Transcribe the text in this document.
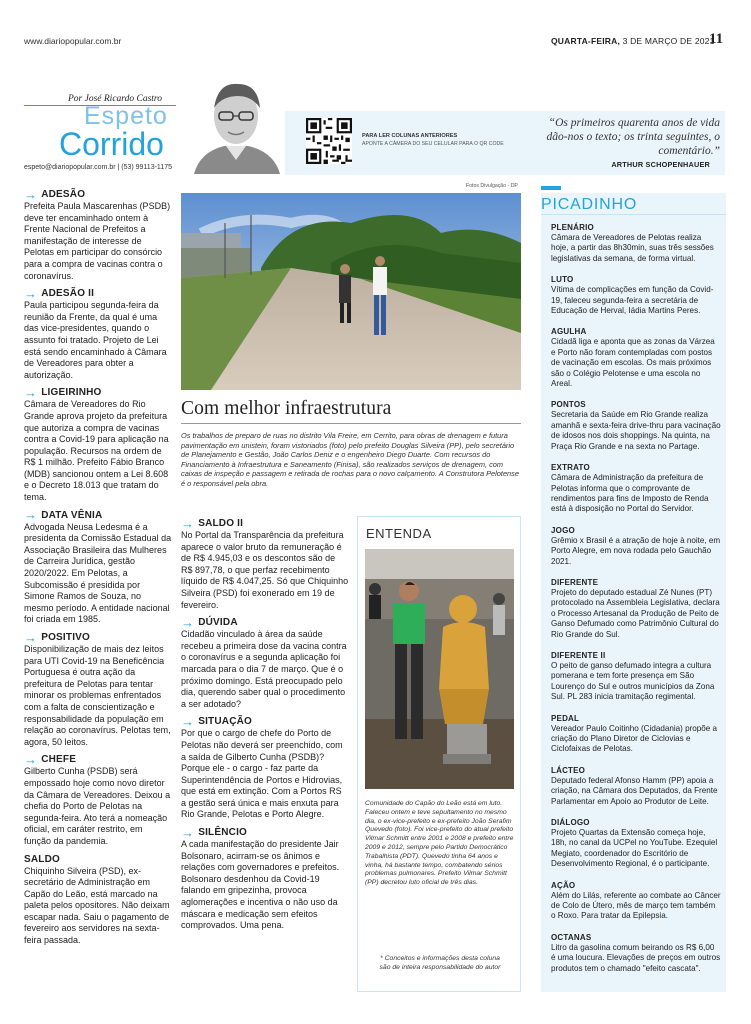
www.diariopopular.com.br	QUARTA-FEIRA, 3 DE MARÇO DE 2021
11
Por José Ricardo Castro
Espeto
Corrido
espeto@diariopopular.com.br | (53) 99113-1175
PARA LER COLUNAS ANTERIORES
APONTE A CÂMERA DO SEU CELULAR PARA O QR CODE
“Os primeiros quarenta anos de vida dão-nos o texto; os trinta seguintes, o comentário.”
ARTHUR SCHOPENHAUER
→ ADESÃO
Prefeita Paula Mascarenhas (PSDB) deve ter encaminhado ontem à Frente Nacional de Prefeitos a manifestação de interesse de Pelotas em participar do consórcio para a compra de vacinas contra o coronavírus.
→ ADESÃO II
Paula participou segunda-feira da reunião da Frente, da qual é uma das vice-presidentes, quando o assunto foi tratado. Projeto de Lei está sendo encaminhado à Câmara de Vereadores para obter a autorização.
→ LIGEIRINHO
Câmara de Vereadores do Rio Grande aprova projeto da prefeitura que autoriza a compra de vacinas contra a Covid-19 para aplicação na população. Recursos na ordem de R$ 1 milhão. Prefeito Fábio Branco (MDB) sancionou ontem a Lei 8.608 e o Decreto 18.013 que tratam do tema.
→ DATA VÊNIA
Advogada Neusa Ledesma é a presidenta da Comissão Estadual da Associação Brasileira das Mulheres de Carreira Jurídica, gestão 2020/2022. Em Pelotas, a Subcomissão é presidida por Simone Ramos de Souza, no mesmo período. A entidade nacional foi criada em 1985.
→ POSITIVO
Disponibilização de mais dez leitos para UTI Covid-19 na Beneficência Portuguesa é outra ação da prefeitura de Pelotas para tentar minorar os problemas enfrentados com a falta de conscientização e responsabilidade da população em relação ao coronavírus. Pelotas tem, agora, 50 leitos.
→ CHEFE
Gilberto Cunha (PSDB) será empossado hoje como novo diretor da Câmara de Vereadores. Deixou a chefia do Porto de Pelotas na segunda-feira. Ato terá a nomeação oficial, em caráter restrito, em função da pandemia.
SALDO
Chiquinho Silveira (PSD), ex-secretário de Administração em Capão do Leão, está marcado na paleta pelos opositores. Não deixam escapar nada. Saiu o pagamento de fevereiro aos servidores na sexta-feira passada.
Fotos Divulgação - DP
Com melhor infraestrutura
Os trabalhos de preparo de ruas no distrito Vila Freire, em Cerrito, para obras de drenagem e futura pavimentação em unistein, foram vistoriados (foto) pelo prefeito Douglas Silveira (PP), pelo secretário de Planejamento e Gestão, João Carlos Deniz e o engenheiro Diego Duarte. Com recursos do Financiamento à Infraestrutura e Saneamento (Finisa), são realizados serviços de drenagem, com caixas de inspeção e passagem e retirada de rochas para o novo calçamento. A Construtora Pelotense é o responsável pela obra.
→ SALDO II
No Portal da Transparência da prefeitura aparece o valor bruto da remuneração é de R$ 4.945,03 e os descontos são de R$ 897,78, o que perfaz recebimento líquido de R$ 4.047,25. Só que Chiquinho Silveira (PSD) foi exonerado em 19 de fevereiro.
→ DÚVIDA
Cidadão vinculado à área da saúde recebeu a primeira dose da vacina contra o coronavírus e a segunda aplicação foi marcada para o dia 7 de março. Que é o próximo domingo. Está preocupado pelo dia, querendo saber qual o procedimento a ser adotado?
→ SITUAÇÃO
Por que o cargo de chefe do Porto de Pelotas não deverá ser preenchido, com a saída de Gilberto Cunha (PSDB)? Porque ele - o cargo - faz parte da Superintendência de Portos e Hidrovias, que está em extinção. Com a Portos RS a gestão será única e mais enxuta para Rio Grande, Pelotas e Porto Alegre.
→ SILÊNCIO
A cada manifestação do presidente Jair Bolsonaro, acirram-se os ânimos e relações com governadores e prefeitos. Bolsonaro desdenhou da Covid-19 falando em gripezinha, provoca aglomerações e incentiva o não uso da máscara e medicação sem efeitos comprovados. Uma pena.
ENTENDA
Comunidade do Capão do Leão está em luto. Faleceu ontem e teve sepultamento no mesmo dia, o ex-vice-prefeito e ex-prefeito João Serafim Quevedo (foto). Foi vice-prefeito do atual prefeito Vilmar Schmitt entre 2001 e 2008 e prefeito entre 2009 e 2012, sempre pelo Partido Democrático Trabalhista (PDT). Quevedo tinha 64 anos e vinha, há bastante tempo, combatendo sérios problemas pulmonares. Prefeito Vilmar Schmitt (PP) decretou luto oficial de três dias.
* Conceitos e informações desta coluna são de inteira responsabilidade do autor
PICADINHO
PLENÁRIO
Câmara de Vereadores de Pelotas realiza hoje, a partir das 8h30min, suas três sessões legislativas da semana, de forma virtual.
LUTO
Vítima de complicações em função da Covid-19, faleceu segunda-feira a secretária de Educação de Herval, Iádia Martins Peres.
AGULHA
Cidadã liga e aponta que as zonas da Várzea e Porto não foram contempladas com postos de vacinação em escolas. Os mais próximos são o Colégio Pelotense e uma escola no Areal.
PONTOS
Secretaria da Saúde em Rio Grande realiza amanhã e sexta-feira drive-thru para vacinação de idosos nos dois shoppings. Na quinta, na Praça Rio Grande e na sexta no Partage.
EXTRATO
Câmara de Administração da prefeitura de Pelotas informa que o comprovante de rendimentos para fins de Imposto de Renda está à disposição no Portal do Servidor.
JOGO
Grêmio x Brasil é a atração de hoje à noite, em Porto Alegre, em nova rodada pelo Gauchão 2021.
DIFERENTE
Projeto do deputado estadual Zé Nunes (PT) protocolado na Assembleia Legislativa, declara o Processo Artesanal da Produção de Peito de Ganso Defumado como Patrimônio Cultural do Rio Grande do Sul.
DIFERENTE II
O peito de ganso defumado integra a cultura pomerana e tem forte presença em São Lourenço do Sul e outros municípios da Zona Sul. PL 283 inicia tramitação regimental.
PEDAL
Vereador Paulo Coitinho (Cidadania) propõe a criação do Plano Diretor de Ciclovias e Ciclofaixas de Pelotas.
LÁCTEO
Deputado federal Afonso Hamm (PP) apoia a criação, na Câmara dos Deputados, da Frente Parlamentar em Apoio ao Produtor de Leite.
DIÁLOGO
Projeto Quartas da Extensão começa hoje, 18h, no canal da UCPel no YouTube. Ezequiel Megiato, coordenador do Escritório de Desenvolvimento Regional, é o participante.
AÇÃO
Além do Lilás, referente ao combate ao Câncer de Colo de Útero, mês de março tem também o Roxo. Para tratar da Epilepsia.
OCTANAS
Litro da gasolina comum beirando os R$ 6,00 é uma loucura. Elevações de preços em outros produtos tem o chamado "efeito cascata".
